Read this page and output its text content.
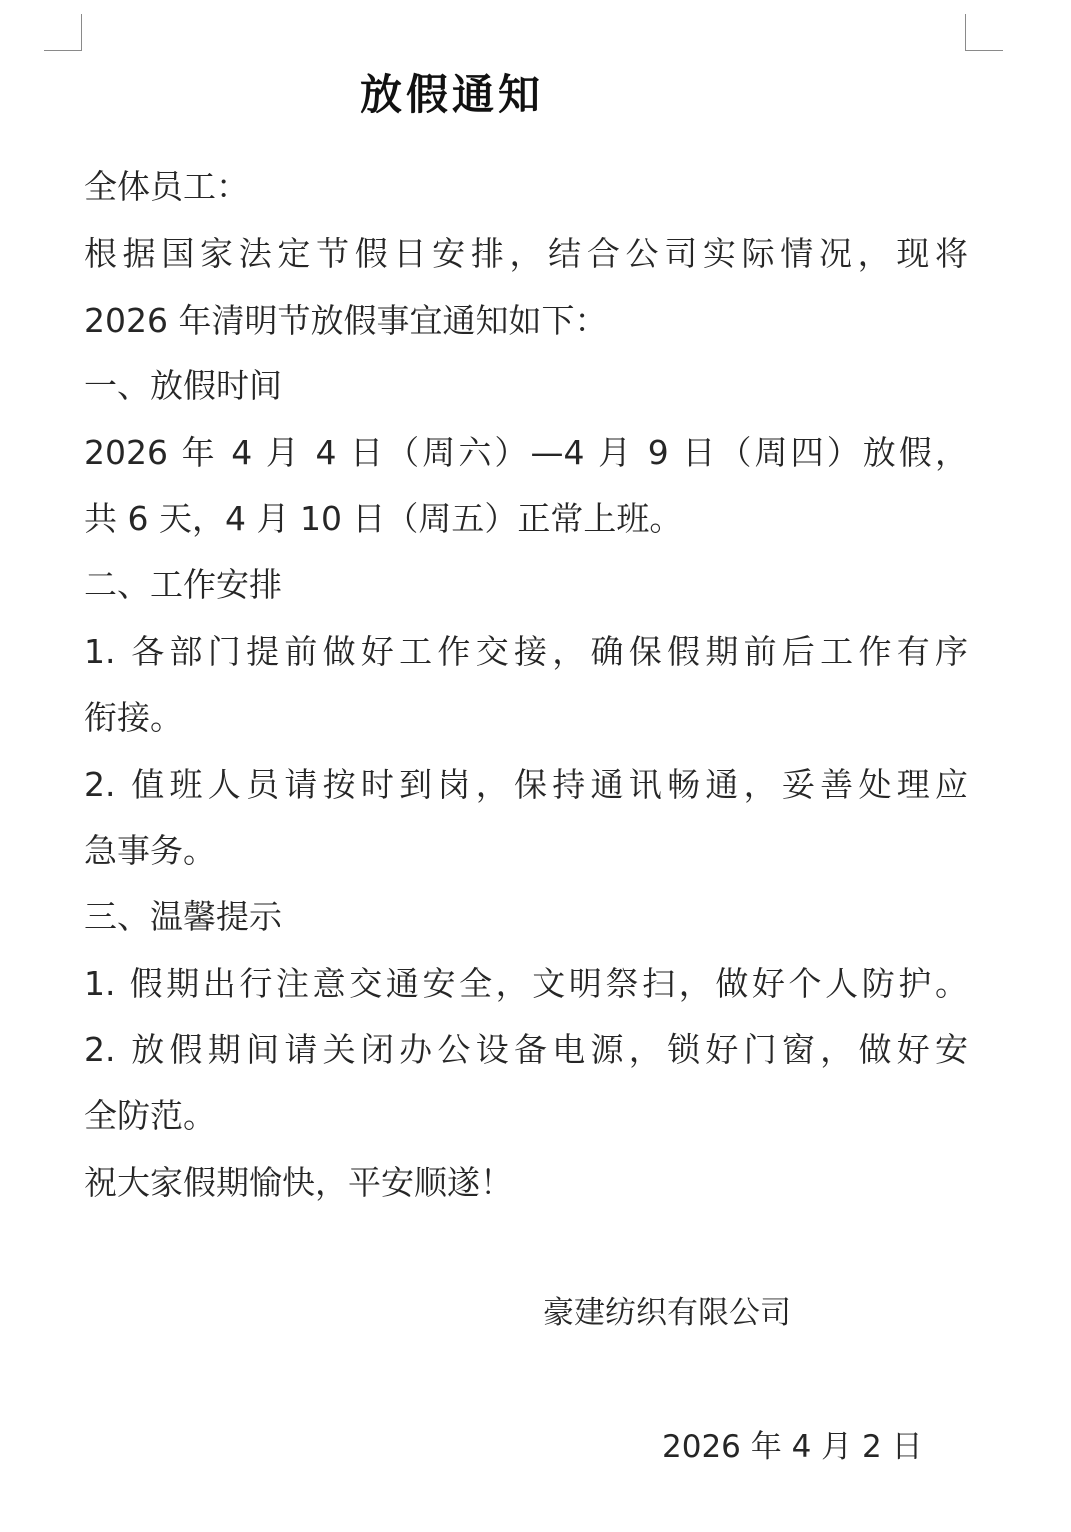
放假通知
全体员工：
根据国家法定节假日安排，结合公司实际情况，现将
2026 年清明节放假事宜通知如下：
一、放假时间
2026 年 4 月 4 日（周六）—4 月 9 日（周四）放假，
共 6 天，4 月 10 日（周五）正常上班。
二、工作安排
1. 各部门提前做好工作交接，确保假期前后工作有序
衔接。
2. 值班人员请按时到岗，保持通讯畅通，妥善处理应
急事务。
三、温馨提示
1. 假期出行注意交通安全，文明祭扫，做好个人防护。
2. 放假期间请关闭办公设备电源，锁好门窗，做好安
全防范。
祝大家假期愉快，平安顺遂！
豪建纺织有限公司
2026 年 4 月 2 日
